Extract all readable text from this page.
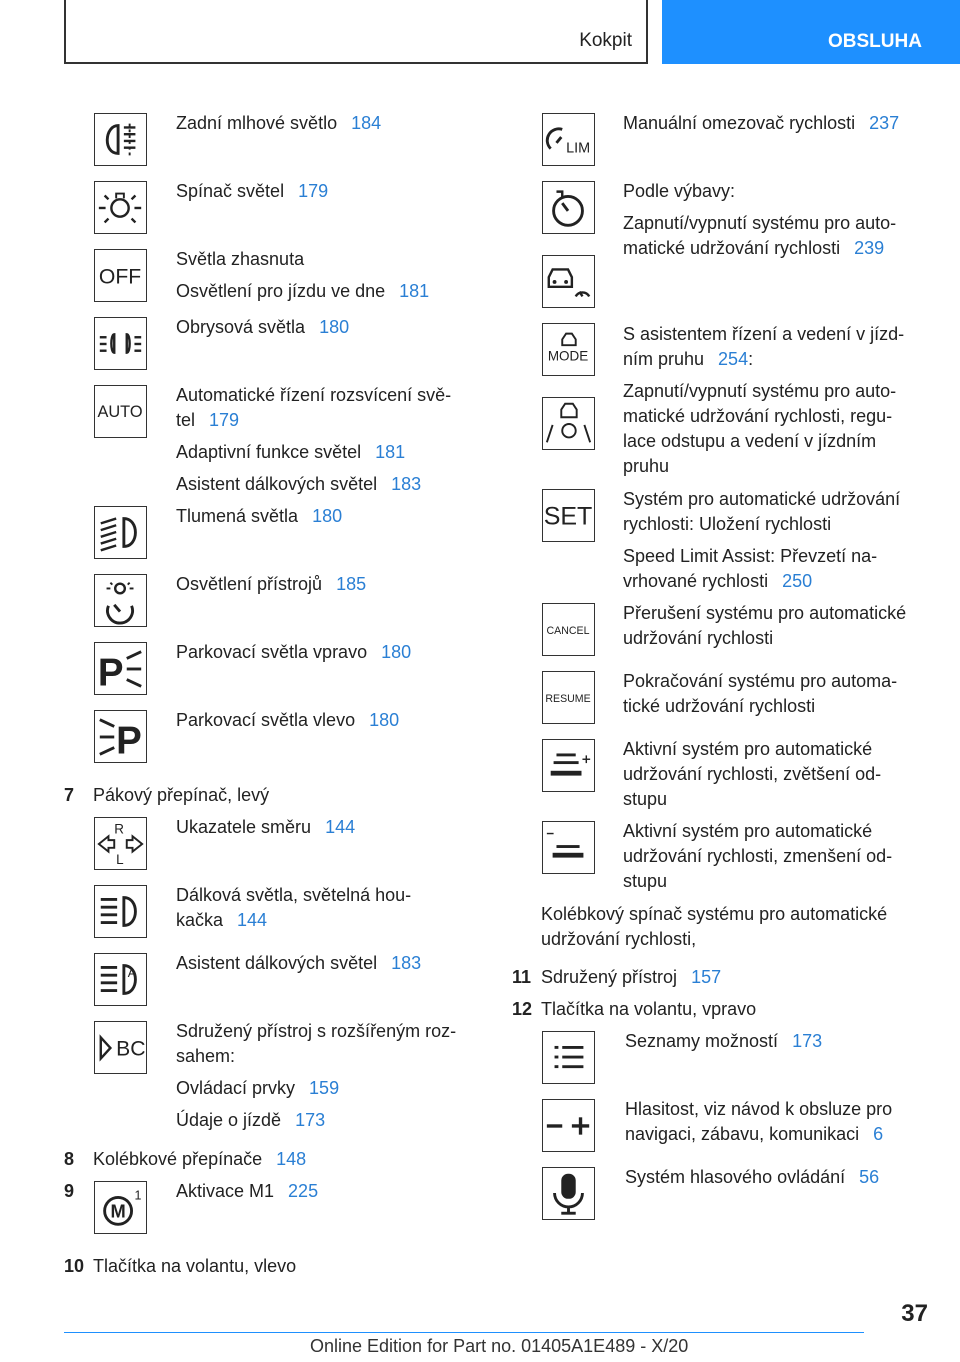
Kokpit	OBSLUHA
Zadní mlhové světlo 184
Spínač světel 179
OFF
Světla zhasnuta
Osvětlení pro jízdu ve dne 181
Obrysová světla 180
AUTO
Automatické řízení rozsvícení svě-
tel 179
Adaptivní funkce světel 181
Asistent dálkových světel 183
Tlumená světla 180
Osvětlení přístrojů 185
P	Parkovací světla vpravo 180
P Parkovací světla vlevo 180
7 Pákový přepínač, levý
R
L
Ukazatele směru 144
Dálková světla, světelná hou-
kačka 144
A
Asistent dálkových světel 183
BC
Sdružený přístroj s rozšířeným roz-
sahem:
Ovládací prvky 159
Údaje o jízdě 173
8 Kolébkové přepínače 148
9
M
1 Aktivace M1 225
10 Tlačítka na volantu, vlevo
LIM
Manuální omezovač rychlosti 237
Podle výbavy:
Zapnutí/vypnutí systému pro auto-
matické udržování rychlosti 239
MODE
S asistentem řízení a vedení v jízd-
ním pruhu 254:
Zapnutí/vypnutí systému pro auto-
matické udržování rychlosti, regu-
lace odstupu a vedení v jízdním
pruhu
SET
Systém pro automatické udržování
rychlosti: Uložení rychlosti
Speed Limit Assist: Převzetí na-
vrhované rychlosti 250
CANCEL
Přerušení systému pro automatické
udržování rychlosti
RESUME
Pokračování systému pro automa-
tické udržování rychlosti
Aktivní systém pro automatické
udržování rychlosti, zvětšení od-
stupu
Aktivní systém pro automatické
udržování rychlosti, zmenšení od-
stupu
Kolébkový spínač systému pro automatické
udržování rychlosti,
11 Sdružený přístroj 157
12 Tlačítka na volantu, vpravo
Seznamy možností 173
Hlasitost, viz návod k obsluze pro
navigaci, zábavu, komunikaci 6
Systém hlasového ovládání 56
37
Online Edition for Part no. 01405A1E489 - X/20
